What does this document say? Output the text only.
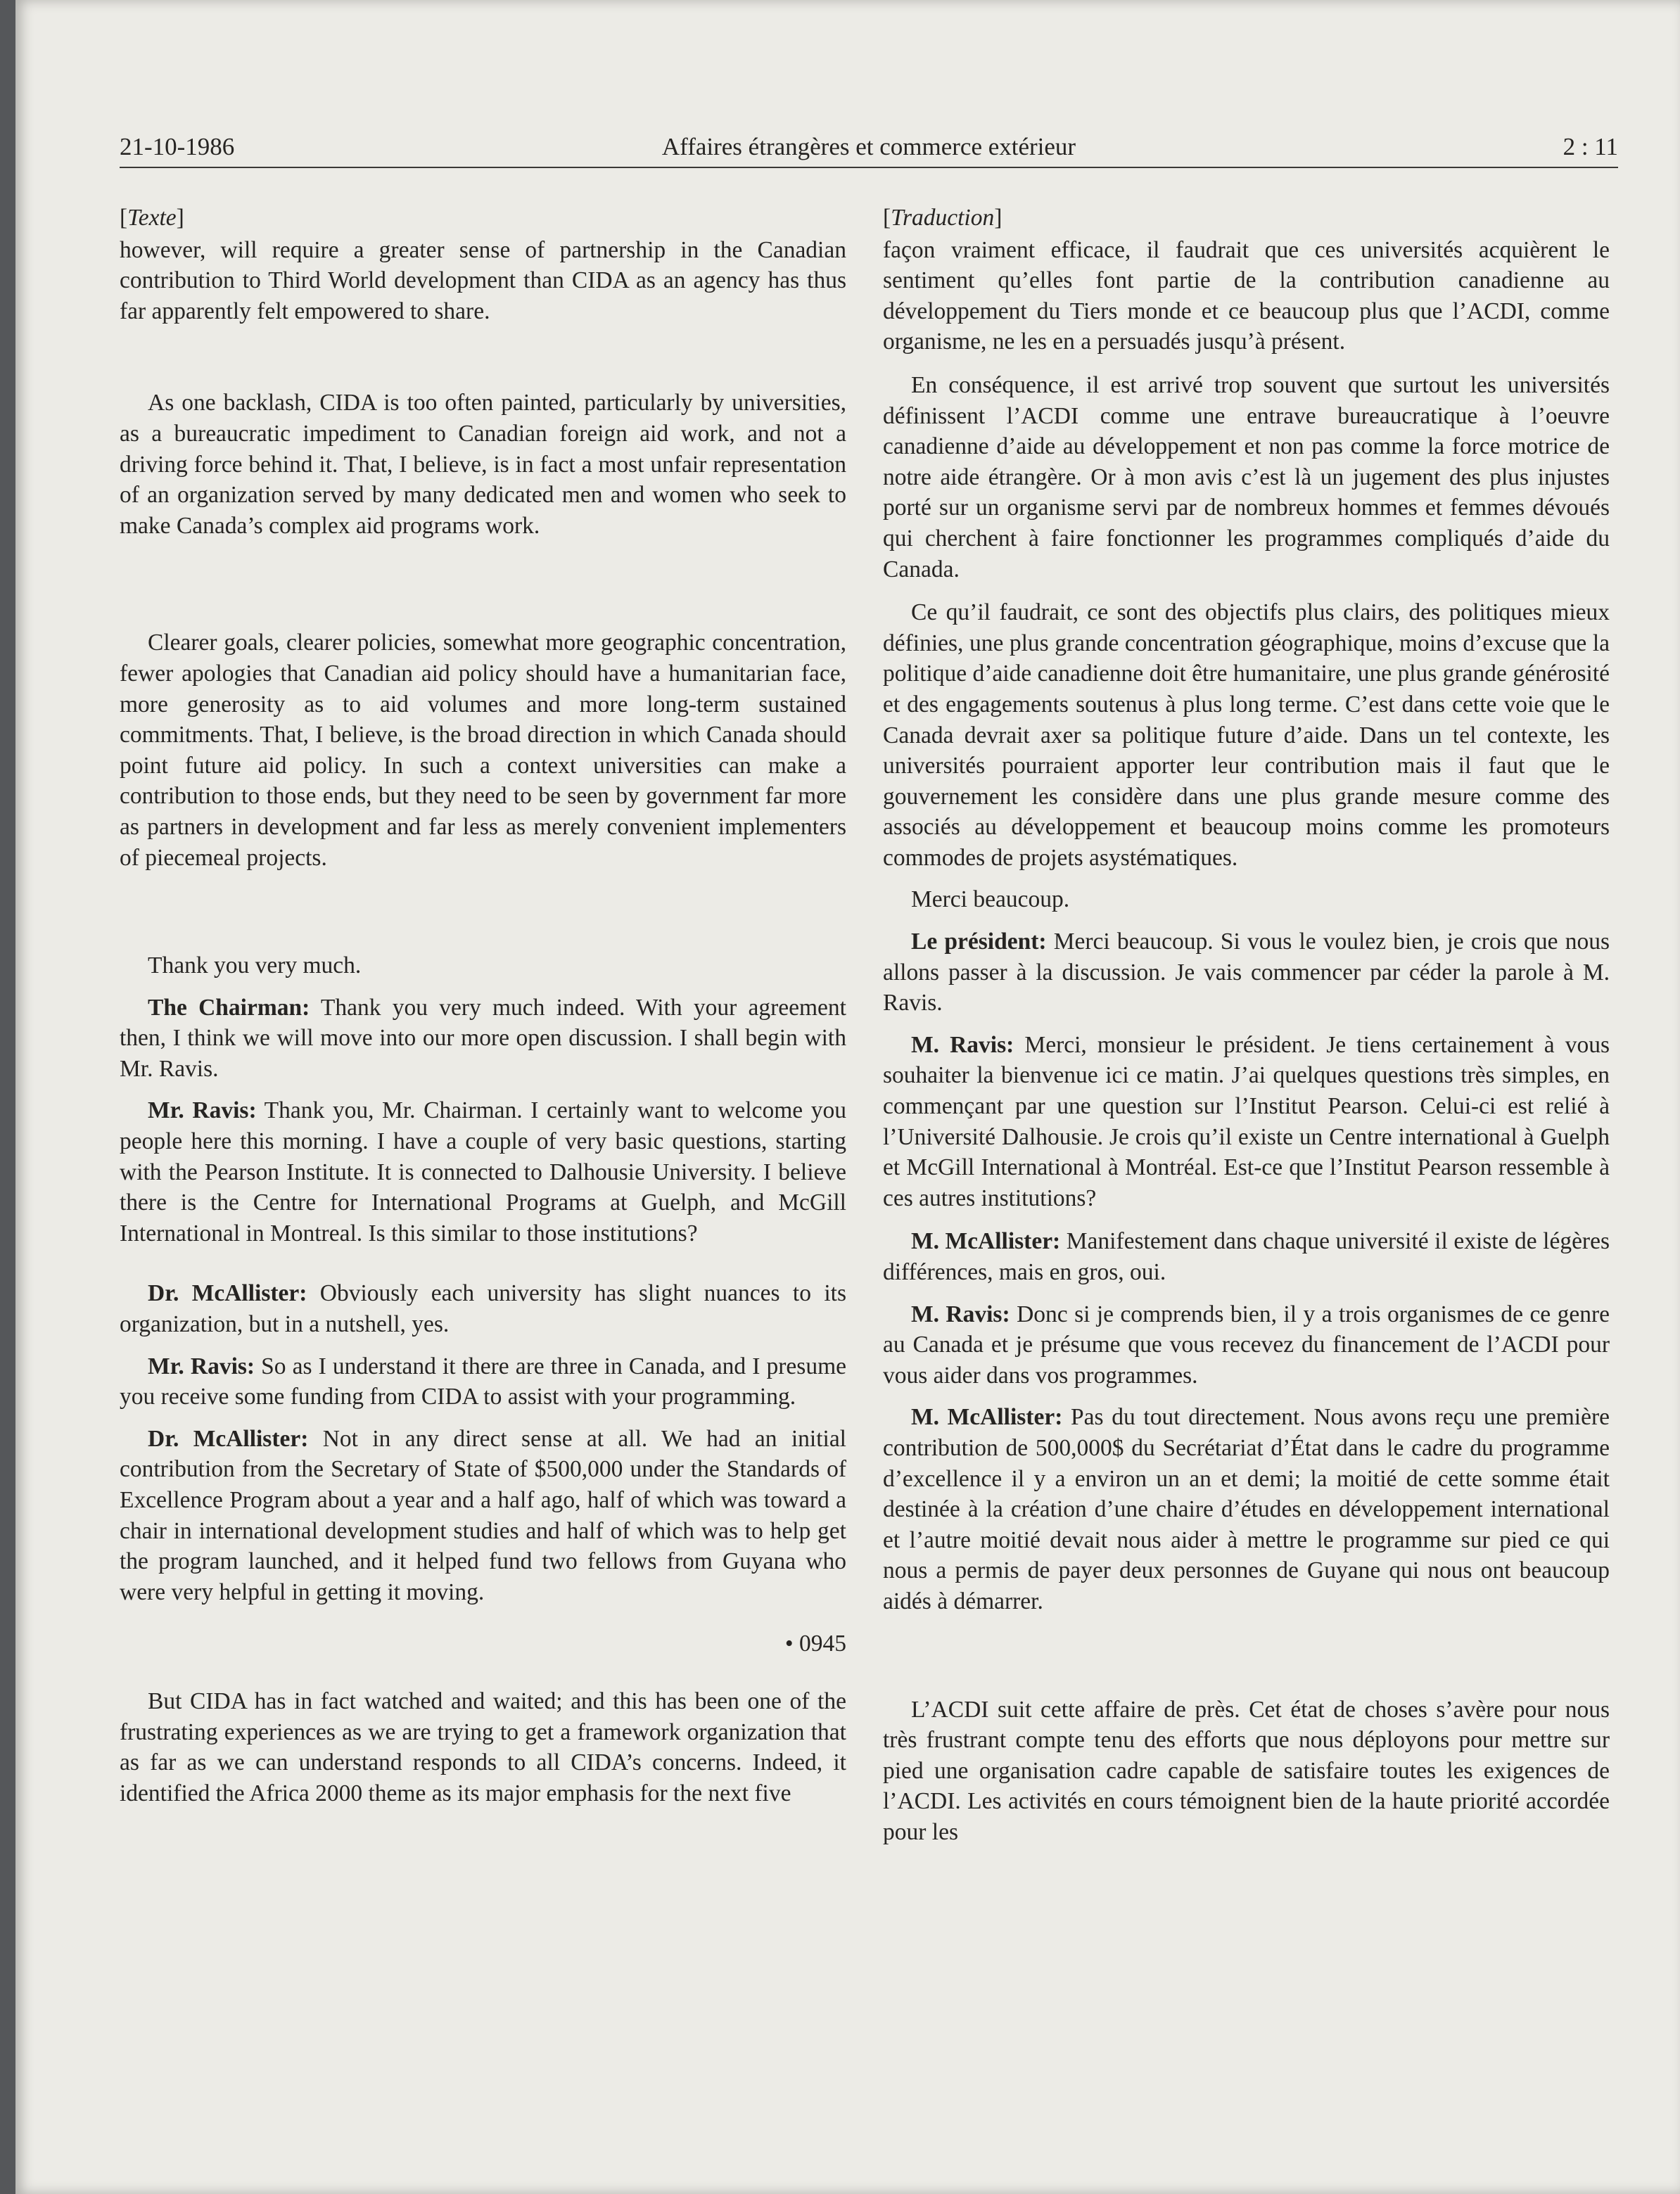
21-10-1986	Affaires étrangères et commerce extérieur	2 : 11

[Texte]

however, will require a greater sense of partnership in the Canadian contribution to Third World development than CIDA as an agency has thus far apparently felt empowered to share.

As one backlash, CIDA is too often painted, particularly by universities, as a bureaucratic impediment to Canadian foreign aid work, and not a driving force behind it. That, I believe, is in fact a most unfair representation of an organization served by many dedicated men and women who seek to make Canada’s complex aid programs work.

Clearer goals, clearer policies, somewhat more geographic concentration, fewer apologies that Canadian aid policy should have a humanitarian face, more generosity as to aid volumes and more long-term sustained commitments. That, I believe, is the broad direction in which Canada should point future aid policy. In such a context universities can make a contribution to those ends, but they need to be seen by government far more as partners in development and far less as merely convenient implementers of piecemeal projects.

Thank you very much.

The Chairman: Thank you very much indeed. With your agreement then, I think we will move into our more open discussion. I shall begin with Mr. Ravis.

Mr. Ravis: Thank you, Mr. Chairman. I certainly want to welcome you people here this morning. I have a couple of very basic questions, starting with the Pearson Institute. It is connected to Dalhousie University. I believe there is the Centre for International Programs at Guelph, and McGill International in Montreal. Is this similar to those institutions?

Dr. McAllister: Obviously each university has slight nuances to its organization, but in a nutshell, yes.

Mr. Ravis: So as I understand it there are three in Canada, and I presume you receive some funding from CIDA to assist with your programming.

Dr. McAllister: Not in any direct sense at all. We had an initial contribution from the Secretary of State of $500,000 under the Standards of Excellence Program about a year and a half ago, half of which was toward a chair in international development studies and half of which was to help get the program launched, and it helped fund two fellows from Guyana who were very helpful in getting it moving.

• 0945

But CIDA has in fact watched and waited; and this has been one of the frustrating experiences as we are trying to get a framework organization that as far as we can understand responds to all CIDA’s concerns. Indeed, it identified the Africa 2000 theme as its major emphasis for the next five

[Traduction]

façon vraiment efficace, il faudrait que ces universités acquièrent le sentiment qu’elles font partie de la contribution canadienne au développement du Tiers monde et ce beaucoup plus que l’ACDI, comme organisme, ne les en a persuadés jusqu’à présent.

En conséquence, il est arrivé trop souvent que surtout les universités définissent l’ACDI comme une entrave bureaucratique à l’oeuvre canadienne d’aide au développement et non pas comme la force motrice de notre aide étrangère. Or à mon avis c’est là un jugement des plus injustes porté sur un organisme servi par de nombreux hommes et femmes dévoués qui cherchent à faire fonctionner les programmes compliqués d’aide du Canada.

Ce qu’il faudrait, ce sont des objectifs plus clairs, des politiques mieux définies, une plus grande concentration géographique, moins d’excuse que la politique d’aide canadienne doit être humanitaire, une plus grande générosité et des engagements soutenus à plus long terme. C’est dans cette voie que le Canada devrait axer sa politique future d’aide. Dans un tel contexte, les universités pourraient apporter leur contribution mais il faut que le gouvernement les considère dans une plus grande mesure comme des associés au développement et beaucoup moins comme les promoteurs commodes de projets asystématiques.

Merci beaucoup.

Le président: Merci beaucoup. Si vous le voulez bien, je crois que nous allons passer à la discussion. Je vais commencer par céder la parole à M. Ravis.

M. Ravis: Merci, monsieur le président. Je tiens certainement à vous souhaiter la bienvenue ici ce matin. J’ai quelques questions très simples, en commençant par une question sur l’Institut Pearson. Celui-ci est relié à l’Université Dalhousie. Je crois qu’il existe un Centre international à Guelph et McGill International à Montréal. Est-ce que l’Institut Pearson ressemble à ces autres institutions?

M. McAllister: Manifestement dans chaque université il existe de légères différences, mais en gros, oui.

M. Ravis: Donc si je comprends bien, il y a trois organismes de ce genre au Canada et je présume que vous recevez du financement de l’ACDI pour vous aider dans vos programmes.

M. McAllister: Pas du tout directement. Nous avons reçu une première contribution de 500,000$ du Secrétariat d’État dans le cadre du programme d’excellence il y a environ un an et demi; la moitié de cette somme était destinée à la création d’une chaire d’études en développement international et l’autre moitié devait nous aider à mettre le programme sur pied ce qui nous a permis de payer deux personnes de Guyane qui nous ont beaucoup aidés à démarrer.

L’ACDI suit cette affaire de près. Cet état de choses s’avère pour nous très frustrant compte tenu des efforts que nous déployons pour mettre sur pied une organisation cadre capable de satisfaire toutes les exigences de l’ACDI. Les activités en cours témoignent bien de la haute priorité accordée pour les
